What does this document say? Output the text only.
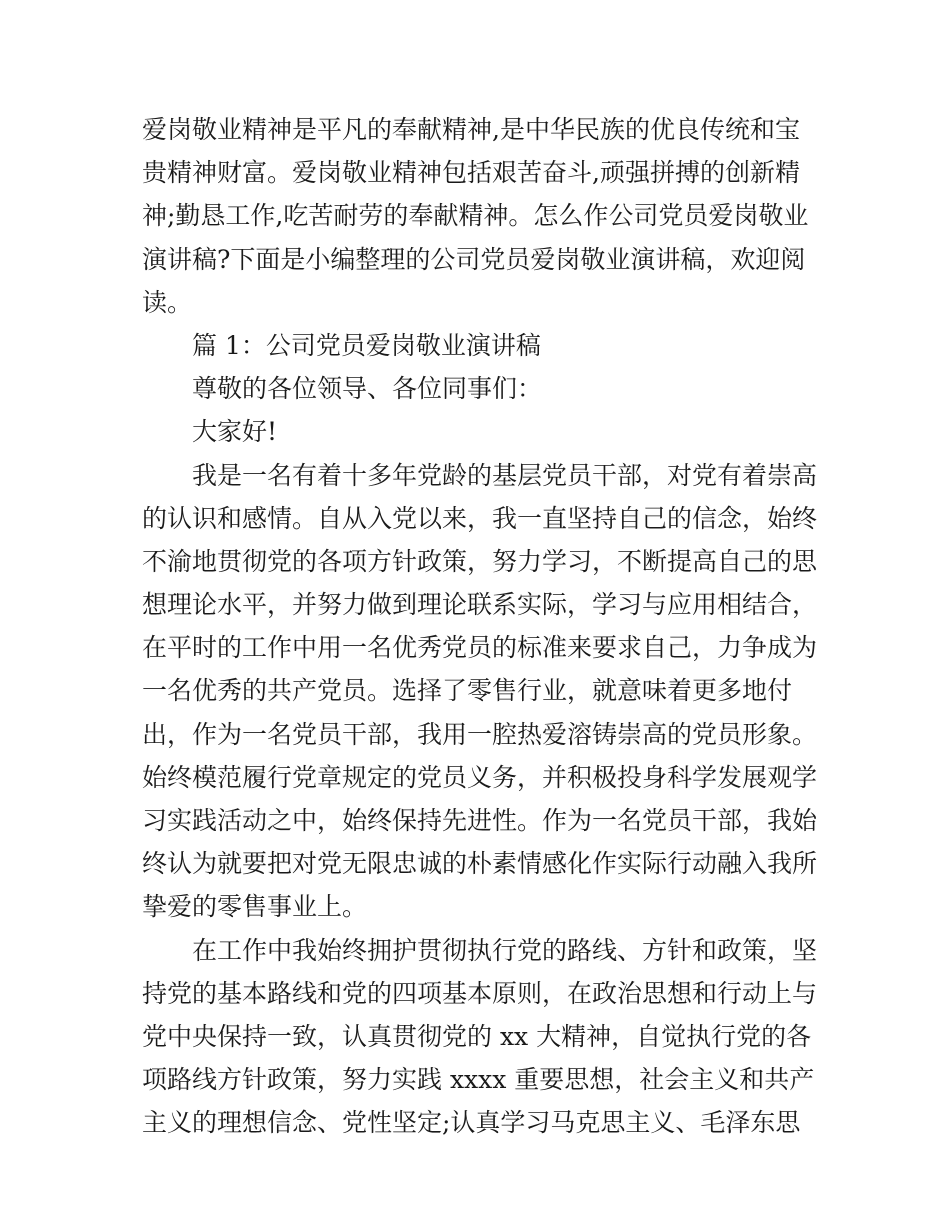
爱岗敬业精神是平凡的奉献精神,是中华民族的优良传统和宝
贵精神财富。爱岗敬业精神包括艰苦奋斗,顽强拼搏的创新精
神;勤恳工作,吃苦耐劳的奉献精神。怎么作公司党员爱岗敬业
演讲稿?下面是小编整理的公司党员爱岗敬业演讲稿，欢迎阅
读。
篇 1：公司党员爱岗敬业演讲稿
尊敬的各位领导、各位同事们：
大家好!
我是一名有着十多年党龄的基层党员干部，对党有着崇高
的认识和感情。自从入党以来，我一直坚持自己的信念，始终
不渝地贯彻党的各项方针政策，努力学习，不断提高自己的思
想理论水平，并努力做到理论联系实际，学习与应用相结合，
在平时的工作中用一名优秀党员的标准来要求自己，力争成为
一名优秀的共产党员。选择了零售行业，就意味着更多地付
出，作为一名党员干部，我用一腔热爱溶铸崇高的党员形象。
始终模范履行党章规定的党员义务，并积极投身科学发展观学
习实践活动之中，始终保持先进性。作为一名党员干部，我始
终认为就要把对党无限忠诚的朴素情感化作实际行动融入我所
挚爱的零售事业上。
在工作中我始终拥护贯彻执行党的路线、方针和政策，坚
持党的基本路线和党的四项基本原则，在政治思想和行动上与
党中央保持一致，认真贯彻党的 xx 大精神，自觉执行党的各
项路线方针政策，努力实践 xxxx 重要思想，社会主义和共产
主义的理想信念、党性坚定;认真学习马克思主义、毛泽东思
